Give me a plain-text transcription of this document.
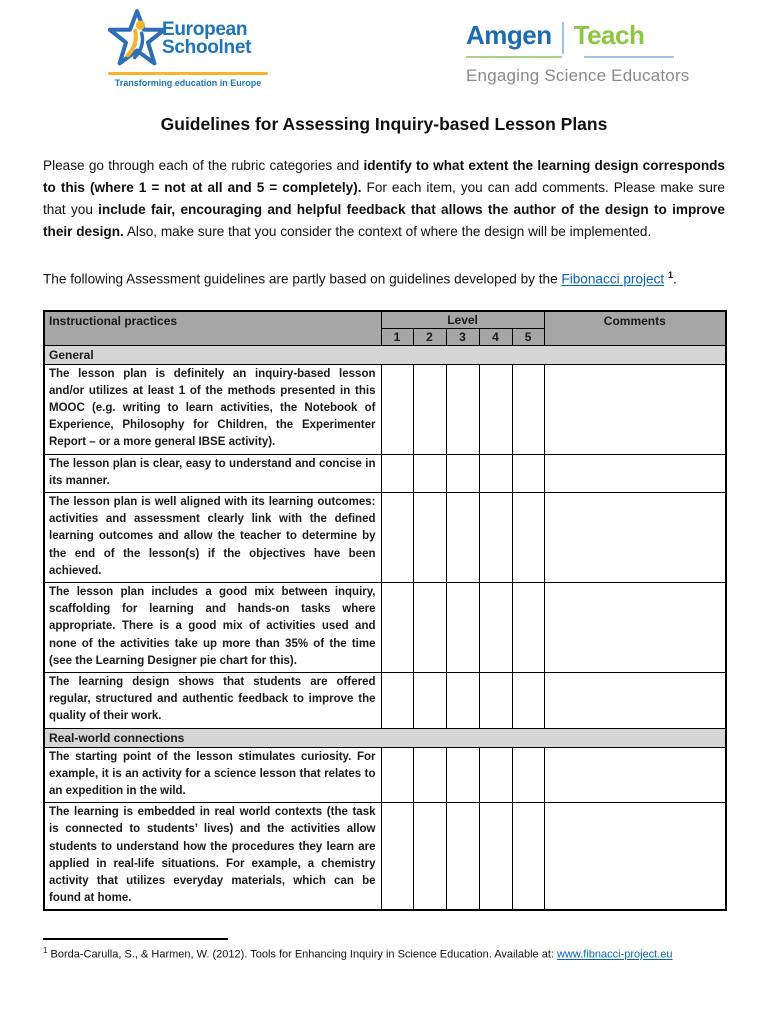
European
Schoolnet
Transforming education in Europe
Amgen Teach
Engaging Science Educators
Guidelines for Assessing Inquiry-based Lesson Plans

Please go through each of the rubric categories and identify to what extent the learning design corresponds to this (where 1 = not at all and 5 = completely). For each item, you can add comments. Please make sure that you include fair, encouraging and helpful feedback that allows the author of the design to improve their design. Also, make sure that you consider the context of where the design will be implemented.

The following Assessment guidelines are partly based on guidelines developed by the Fibonacci project $^1$.

Instructional practices	Level					Comments
	1	2	3	4	5	
General						
The lesson plan is definitely an inquiry-based lesson and/or utilizes at least 1 of the methods presented in this MOOC (e.g. writing to learn activities, the Notebook of Experience, Philosophy for Children, the Experimenter Report – or a more general IBSE activity).						
The lesson plan is clear, easy to understand and concise in its manner.						
The lesson plan is well aligned with its learning outcomes: activities and assessment clearly link with the defined learning outcomes and allow the teacher to determine by the end of the lesson(s) if the objectives have been achieved.						
The lesson plan includes a good mix between inquiry, scaffolding for learning and hands-on tasks where appropriate. There is a good mix of activities used and none of the activities take up more than 35% of the time (see the Learning Designer pie chart for this).						
The learning design shows that students are offered regular, structured and authentic feedback to improve the quality of their work.						
Real-world connections						
The starting point of the lesson stimulates curiosity. For example, it is an activity for a science lesson that relates to an expedition in the wild.						
The learning is embedded in real world contexts (the task is connected to students’ lives) and the activities allow students to understand how the procedures they learn are applied in real-life situations. For example, a chemistry activity that utilizes everyday materials, which can be found at home.						
$^1$ Borda-Carulla, S., & Harmen, W. (2012). Tools for Enhancing Inquiry in Science Education. Available at: www.fibnacci-project.eu
